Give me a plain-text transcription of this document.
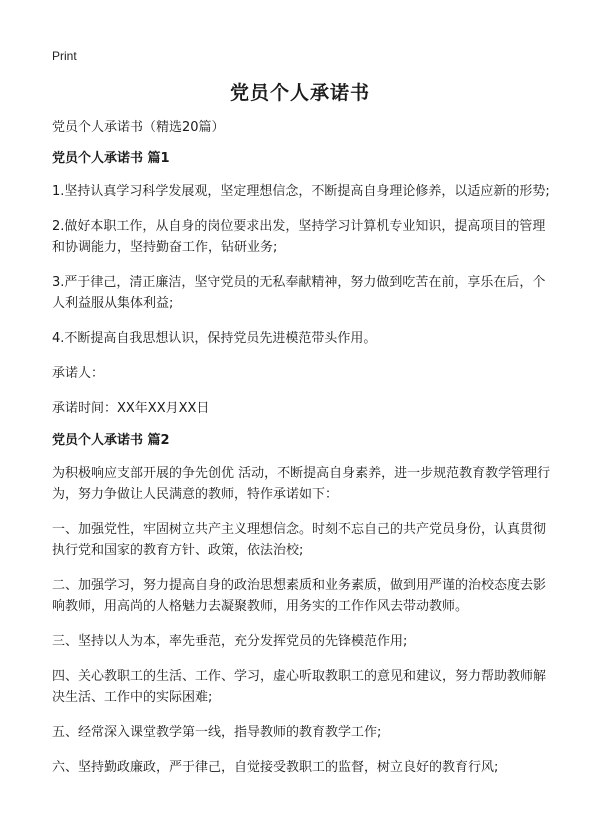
Print
党员个人承诺书

党员个人承诺书（精选20篇）

党员个人承诺书 篇1

1.坚持认真学习科学发展观，坚定理想信念，不断提高自身理论修养，以适应新的形势;

2.做好本职工作，从自身的岗位要求出发，坚持学习计算机专业知识，提高项目的管理和协调能力，坚持勤奋工作，钻研业务;

3.严于律己，清正廉洁，坚守党员的无私奉献精神，努力做到吃苦在前，享乐在后，个人利益服从集体利益;

4.不断提高自我思想认识，保持党员先进模范带头作用。

承诺人：

承诺时间：XX年XX月XX日

党员个人承诺书 篇2

为积极响应支部开展的争先创优 活动，不断提高自身素养，进一步规范教育教学管理行为，努力争做让人民满意的教师，特作承诺如下：

一、加强党性，牢固树立共产主义理想信念。时刻不忘自己的共产党员身份，认真贯彻执行党和国家的教育方针、政策，依法治校;

二、加强学习，努力提高自身的政治思想素质和业务素质，做到用严谨的治校态度去影响教师，用高尚的人格魅力去凝聚教师，用务实的工作作风去带动教师。

三、坚持以人为本，率先垂范，充分发挥党员的先锋模范作用;

四、关心教职工的生活、工作、学习，虚心听取教职工的意见和建议，努力帮助教师解决生活、工作中的实际困难;

五、经常深入课堂教学第一线，指导教师的教育教学工作;

六、坚持勤政廉政，严于律己，自觉接受教职工的监督，树立良好的教育行风;
